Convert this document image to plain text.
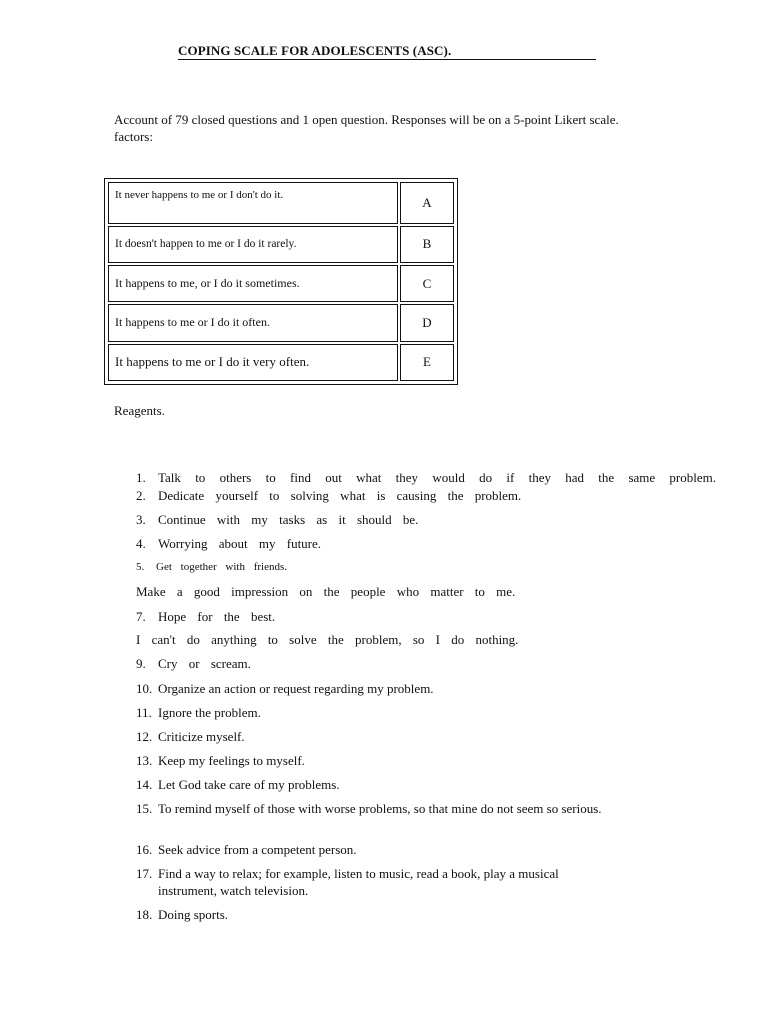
COPING SCALE FOR ADOLESCENTS (ASC).
Account of 79 closed questions and 1 open question. Responses will be on a 5-point Likert scale.
factors:
It never happens to me or I don't do it.	A
It doesn't happen to me or I do it rarely.	B
It happens to me, or I do it sometimes.	C
It happens to me or I do it often.	D
It happens to me or I do it very often.	E
Reagents.
1. Talk to others to find out what they would do if they had the same problem.
2. Dedicate yourself to solving what is causing the problem.
3. Continue with my tasks as it should be.
4. Worrying about my future.
5.	Get together with friends.
Make a good impression on the people who matter to me.
7. Hope for the best.
I can't do anything to solve the problem, so I do nothing.
9. Cry or scream.
10. Organize an action or request regarding my problem.
11. Ignore the problem.
12. Criticize myself.
13. Keep my feelings to myself.
14. Let God take care of my problems.
15. To remind myself of those with worse problems, so that mine do not seem so serious.
16. Seek advice from a competent person.
17. Find a way to relax; for example, listen to music, read a book, play a musical instrument, watch television.
18. Doing sports.
